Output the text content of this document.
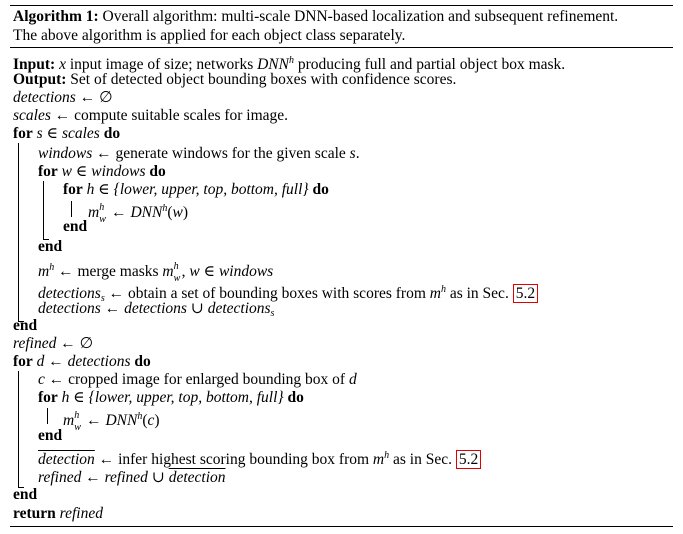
Algorithm 1: Overall algorithm: multi-scale DNN-based localization and subsequent refinement.
The above algorithm is applied for each object class separately.
Input: x input image of size; networks DNN$^h$ producing full and partial object box mask.
Output: Set of detected object bounding boxes with confidence scores.
detections ← ∅
scales ← compute suitable scales for image.
for s ∈ scales do
windows ← generate windows for the given scale s.
for w ∈ windows do
for h ∈ {lower, upper, top, bottom, full} do
m h
w ← DNN$^h$(w)
end
end
$m^h$ ← merge masks m h
w , w ∈ windows
detections$_s$ ← obtain a set of bounding boxes with scores from $m^h$ as in Sec. 5.2
detections ← detections ∪ detections$_s$
end
refined ← ∅
for d ← detections do
c ← cropped image for enlarged bounding box of d
for h ∈ {lower, upper, top, bottom, full} do
m h
w ← DNN$^h$(c)
end
detection ← infer highest scoring bounding box from $m^h$ as in Sec. 5.2
refined ← refined ∪ detection
end
return refined
